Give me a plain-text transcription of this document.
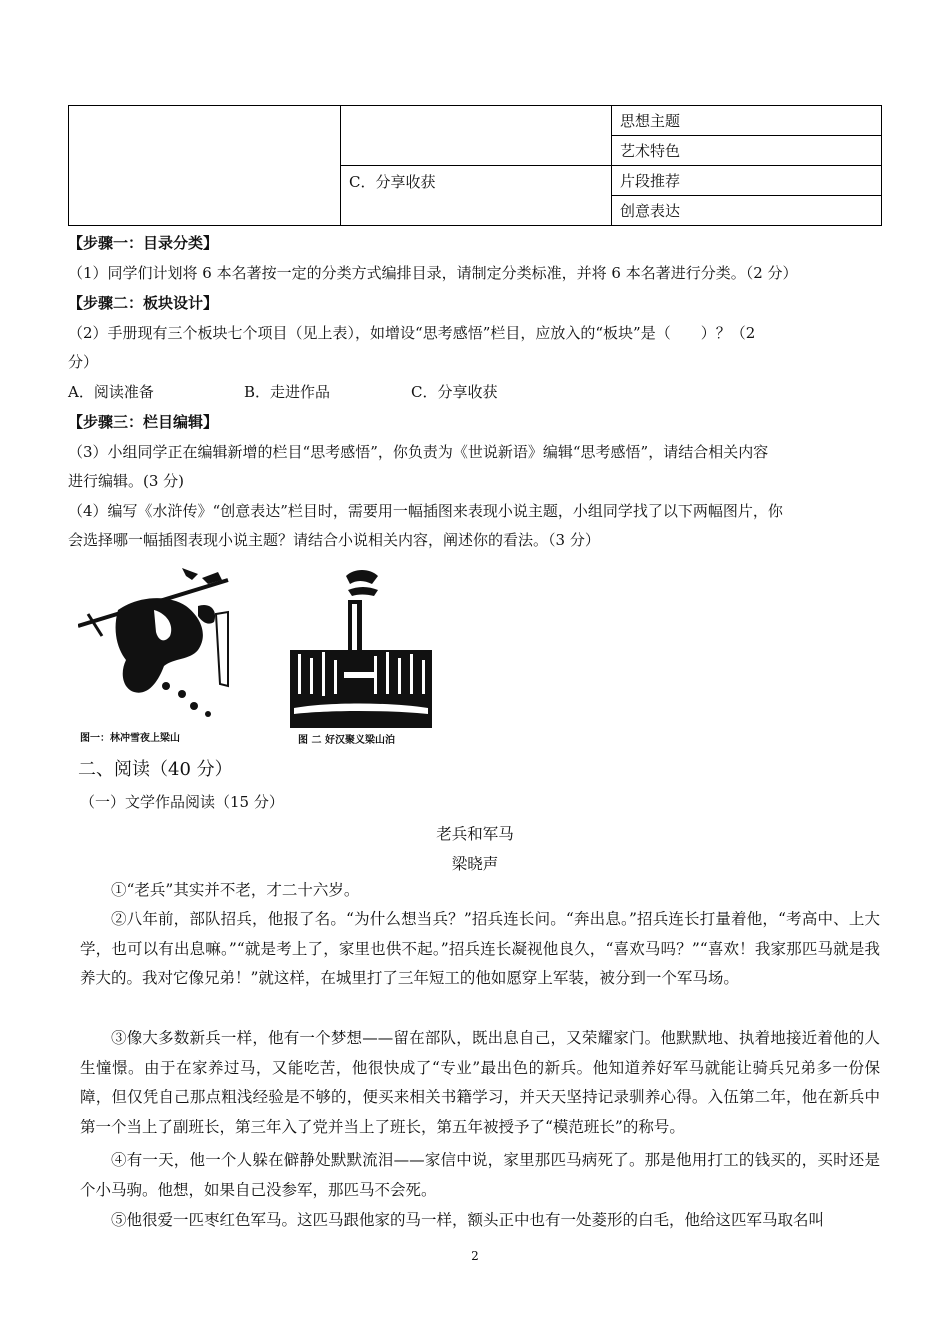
		思想主题
		艺术特色
	C．分享收获	片段推荐
		创意表达
【步骤一：目录分类】
（1）同学们计划将 6 本名著按一定的分类方式编排目录，请制定分类标准，并将 6 本名著进行分类。（2 分）
【步骤二：板块设计】
（2）手册现有三个板块七个项目（见上表），如增设“思考感悟”栏目，应放入的“板块”是（　　）？（2
分）
A．阅读准备	B．走进作品	C．分享收获
【步骤三：栏目编辑】
（3）小组同学正在编辑新增的栏目“思考感悟”，你负责为《世说新语》编辑“思考感悟”，请结合相关内容
进行编辑。(3 分)
（4）编写《水浒传》“创意表达”栏目时，需要用一幅插图来表现小说主题，小组同学找了以下两幅图片，你
会选择哪一幅插图表现小说主题？请结合小说相关内容，阐述你的看法。（3 分）
图一：林冲雪夜上梁山	图 二 好汉聚义梁山泊
二、阅读（40 分）
（一）文学作品阅读（15 分）
老兵和军马
梁晓声
①“老兵”其实并不老，才二十六岁。
②八年前，部队招兵，他报了名。“为什么想当兵？”招兵连长问。“奔出息。”招兵连长打量着他，“考高中、上大学，也可以有出息嘛。”“就是考上了，家里也供不起。”招兵连长凝视他良久，“喜欢马吗？”“喜欢！我家那匹马就是我养大的。我对它像兄弟！”就这样，在城里打了三年短工的他如愿穿上军装，被分到一个军马场。
③像大多数新兵一样，他有一个梦想——留在部队，既出息自己，又荣耀家门。他默默地、执着地接近着他的人生憧憬。由于在家养过马，又能吃苦，他很快成了“专业”最出色的新兵。他知道养好军马就能让骑兵兄弟多一份保障，但仅凭自己那点粗浅经验是不够的，便买来相关书籍学习，并天天坚持记录驯养心得。入伍第二年，他在新兵中第一个当上了副班长，第三年入了党并当上了班长，第五年被授予了“模范班长”的称号。
④有一天，他一个人躲在僻静处默默流泪——家信中说，家里那匹马病死了。那是他用打工的钱买的，买时还是个小马驹。他想，如果自己没参军，那匹马不会死。
⑤他很爱一匹枣红色军马。这匹马跟他家的马一样，额头正中也有一处菱形的白毛，他给这匹军马取名叫
2
